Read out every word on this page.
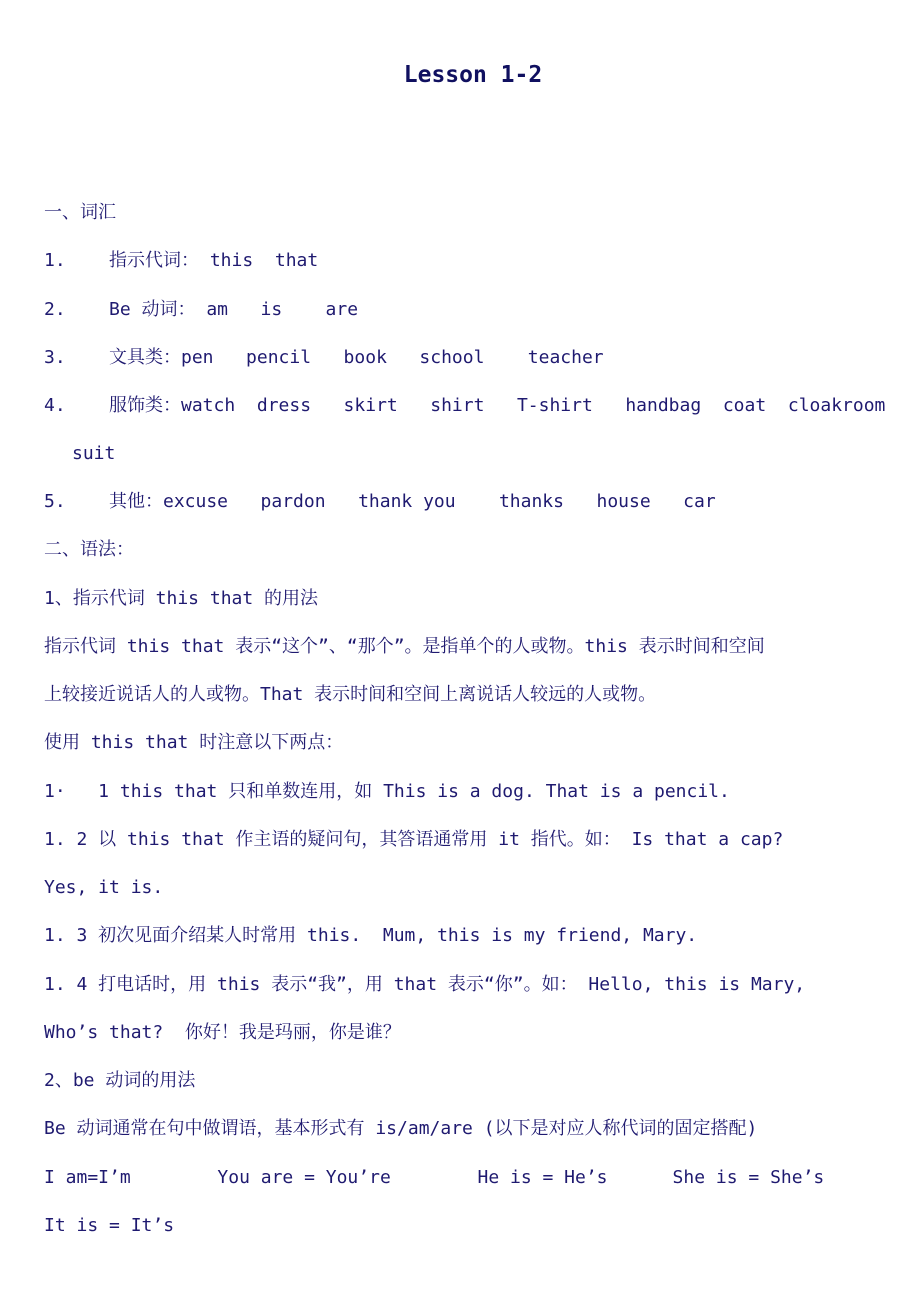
Lesson 1-2
一、词汇
1. 指示代词： this  that
2. Be 动词： am   is    are
3. 文具类：pen   pencil   book   school    teacher
4. 服饰类：watch  dress   skirt   shirt   T-shirt   handbag  coat  cloakroom
suit
5. 其他：excuse   pardon   thank you    thanks   house   car
二、语法：
1、指示代词 this that 的用法
指示代词 this that 表示“这个”、“那个”。是指单个的人或物。this 表示时间和空间
上较接近说话人的人或物。That 表示时间和空间上离说话人较远的人或物。
使用 this that 时注意以下两点：
1·   1 this that 只和单数连用，如 This is a dog. That is a pencil.
1. 2 以 this that 作主语的疑问句，其答语通常用 it 指代。如： Is that a cap?
Yes, it is.
1. 3 初次见面介绍某人时常用 this.  Mum, this is my friend, Mary.
1. 4 打电话时，用 this 表示“我”，用 that 表示“你”。如： Hello, this is Mary,
Who’s that?  你好！我是玛丽，你是谁？
2、be 动词的用法
Be 动词通常在句中做谓语，基本形式有 is/am/are (以下是对应人称代词的固定搭配)
I am=I’m        You are = You’re        He is = He’s      She is = She’s
It is = It’s
